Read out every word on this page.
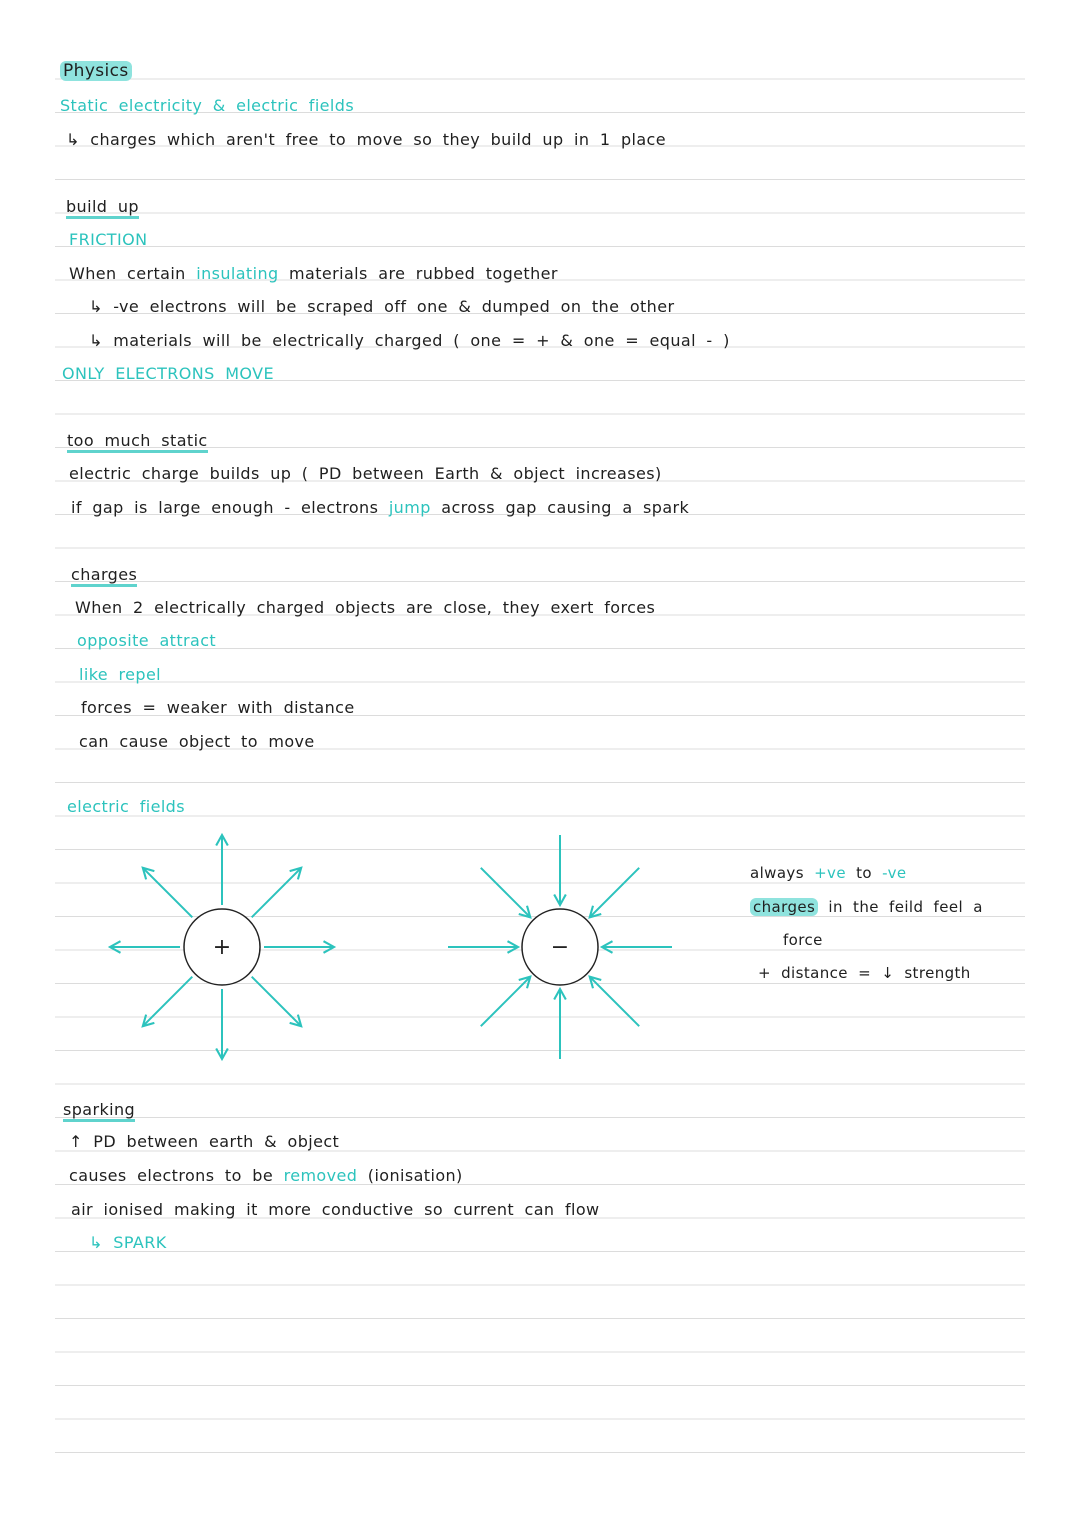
Physics
Static electricity & electric fields
↳ charges which aren't free to move so they build up in 1 place
build up
FRICTION
When certain insulating materials are rubbed together
↳ -ve electrons will be scraped off one & dumped on the other
↳ materials will be electrically charged ( one = + & one = equal - )
ONLY ELECTRONS MOVE
too much static
electric charge builds up ( PD between Earth & object increases)
if gap is large enough - electrons jump across gap causing a spark
charges
When 2 electrically charged objects are close, they exert forces
opposite attract
like repel
forces = weaker with distance
can cause object to move
electric fields
+	−
always +ve to -ve
charges in the feild feel a
force
+ distance = ↓ strength
sparking
↑ PD between earth & object
causes electrons to be removed (ionisation)
air ionised making it more conductive so current can flow
↳ SPARK
